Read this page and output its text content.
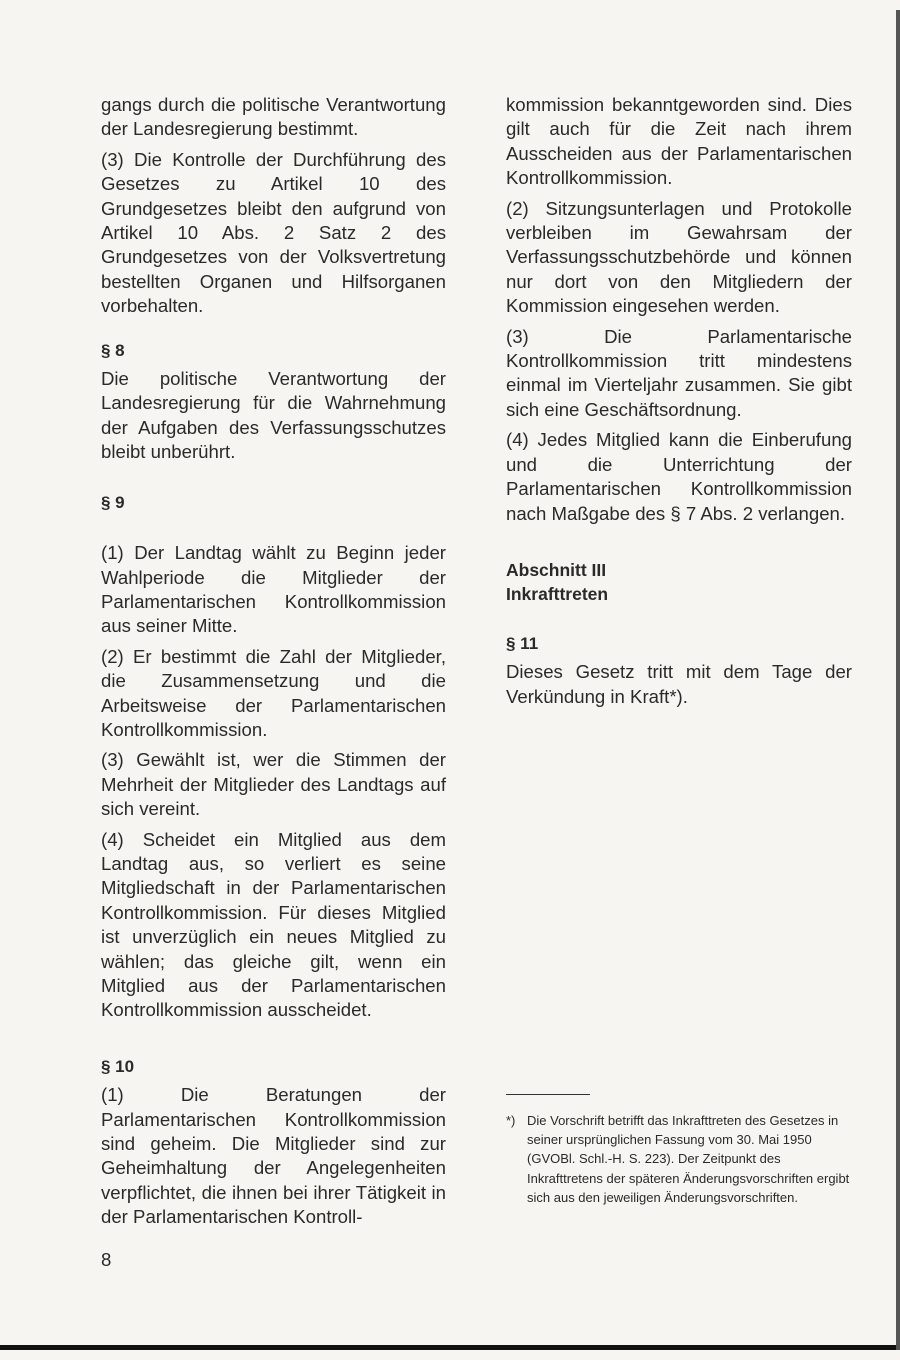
gangs durch die politische Verantwortung der Landesregierung bestimmt.

(3) Die Kontrolle der Durchführung des Gesetzes zu Artikel 10 des Grundgesetzes bleibt den aufgrund von Artikel 10 Abs. 2 Satz 2 des Grundgesetzes von der Volksvertretung bestellten Organen und Hilfsorganen vorbehalten.

§ 8

Die politische Verantwortung der Landesregierung für die Wahrnehmung der Aufgaben des Verfassungsschutzes bleibt unberührt.

§ 9

(1) Der Landtag wählt zu Beginn jeder Wahlperiode die Mitglieder der Parlamentarischen Kontrollkommission aus seiner Mitte.

(2) Er bestimmt die Zahl der Mitglieder, die Zusammensetzung und die Arbeitsweise der Parlamentarischen Kontrollkommission.

(3) Gewählt ist, wer die Stimmen der Mehrheit der Mitglieder des Landtags auf sich vereint.

(4) Scheidet ein Mitglied aus dem Landtag aus, so verliert es seine Mitgliedschaft in der Parlamentarischen Kontrollkommission. Für dieses Mitglied ist unverzüglich ein neues Mitglied zu wählen; das gleiche gilt, wenn ein Mitglied aus der Parlamentarischen Kontrollkommission ausscheidet.

§ 10

(1) Die Beratungen der Parlamentarischen Kontrollkommission sind geheim. Die Mitglieder sind zur Geheimhaltung der Angelegenheiten verpflichtet, die ihnen bei ihrer Tätigkeit in der Parlamentarischen Kontroll-

kommission bekanntgeworden sind. Dies gilt auch für die Zeit nach ihrem Ausscheiden aus der Parlamentarischen Kontrollkommission.

(2) Sitzungsunterlagen und Protokolle verbleiben im Gewahrsam der Verfassungsschutzbehörde und können nur dort von den Mitgliedern der Kommission eingesehen werden.

(3) Die Parlamentarische Kontrollkommission tritt mindestens einmal im Vierteljahr zusammen. Sie gibt sich eine Geschäftsordnung.

(4) Jedes Mitglied kann die Einberufung und die Unterrichtung der Parlamentarischen Kontrollkommission nach Maßgabe des § 7 Abs. 2 verlangen.

Abschnitt III
Inkrafttreten
§ 11

Dieses Gesetz tritt mit dem Tage der Verkündung in Kraft*).

*) Die Vorschrift betrifft das Inkrafttreten des Gesetzes in seiner ursprünglichen Fassung vom 30. Mai 1950 (GVOBl. Schl.-H. S. 223). Der Zeitpunkt des Inkrafttretens der späteren Änderungsvorschriften ergibt sich aus den jeweiligen Änderungsvorschriften.
8
